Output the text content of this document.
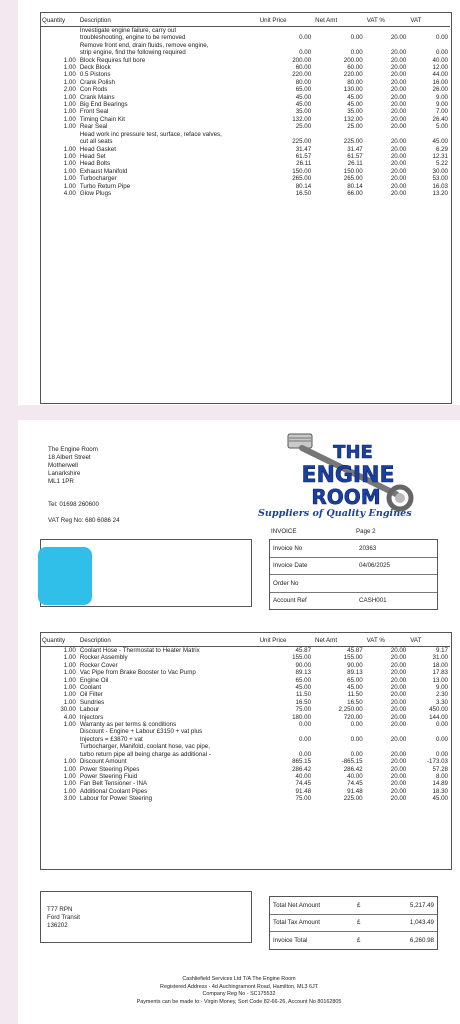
Quantity	Description	Unit Price	Net Amt	VAT %	VAT
	Investigate engine failure, carry out				
	troubleshooting, engine to be removed	0.00	0.00	20.00	0.00
	Remove front end, drain fluids, remove engine,				
	strip engine, find the following required	0.00	0.00	20.00	0.00
1.00	Block Requires full bore	200.00	200.00	20.00	40.00
1.00	Deck Block	60.00	60.00	20.00	12.00
1.00	0.5 Pistons	220.00	220.00	20.00	44.00
1.00	Crank Polish	80.00	80.00	20.00	16.00
2.00	Con Rods	65.00	130.00	20.00	26.00
1.00	Crank Mains	45.00	45.00	20.00	9.00
1.00	Big End Bearings	45.00	45.00	20.00	9.00
1.00	Front Seal	35.00	35.00	20.00	7.00
1.00	Timing Chain Kit	132.00	132.00	20.00	26.40
1.00	Rear Seal	25.00	25.00	20.00	5.00
	Head work inc pressure test, surface, reface valves,				
	cut all seats	225.00	225.00	20.00	45.00
1.00	Head Gasket	31.47	31.47	20.00	6.29
1.00	Head Set	61.57	61.57	20.00	12.31
1.00	Head Bolts	26.11	26.11	20.00	5.22
1.00	Exhaust Manifold	150.00	150.00	20.00	30.00
1.00	Turbocharger	265.00	265.00	20.00	53.00
1.00	Turbo Return Pipe	80.14	80.14	20.00	16.03
4.00	Glow Plugs	16.50	66.00	20.00	13.20
The Engine Room
18 Albert Street
Motherwell
Lanarkshire
ML1 1PR
Tel: 01698 260600
VAT Reg No: 680 6086 24
THE
ENGINE
ROOM
Suppliers of Quality Engines
INVOICE	Page 2
Invoice No	20363
Invoice Date	04/06/2025
Order No
Account Ref	CASH001
Quantity	Description	Unit Price	Net Amt	VAT %	VAT
1.00	Coolant Hose - Thermostat to Heater Matrix	45.87	45.87	20.00	9.17
1.00	Rocker Assembly	155.00	155.00	20.00	31.00
1.00	Rocker Cover	90.00	90.00	20.00	18.00
1.00	Vac Pipe from Brake Booster to Vac Pump	89.13	89.13	20.00	17.83
1.00	Engine Oil	65.00	65.00	20.00	13.00
1.00	Coolant	45.00	45.00	20.00	9.00
1.00	Oil Filter	11.50	11.50	20.00	2.30
1.00	Sundries	16.50	16.50	20.00	3.30
30.00	Labour	75.00	2,250.00	20.00	450.00
4.00	Injectors	180.00	720.00	20.00	144.00
1.00	Warranty as per terms & conditions	0.00	0.00	20.00	0.00
	Discount - Engine + Labour £3150 + vat plus				
	Injectors = £3870 + vat	0.00	0.00	20.00	0.00
	Turbocharger, Manifold, coolant hose, vac pipe,				
	turbo return pipe all being charge as additional -	0.00	0.00	20.00	0.00
1.00	Discount Amount	865.15	-865.15	20.00	-173.03
1.00	Power Steering Pipes	286.42	286.42	20.00	57.28
1.00	Power Steering Fluid	40.00	40.00	20.00	8.00
1.00	Fan Belt Tensioner - INA	74.45	74.45	20.00	14.89
1.00	Additional Coolant Pipes	91.48	91.48	20.00	18.30
3.00	Labour for Power Steering	75.00	225.00	20.00	45.00
T77 RPN
Ford Transit
136202
Total Net Amount	£	5,217.49
Total Tax Amount	£	1,043.49
Invoice Total	£	6,260.98
Cashliefield Services Ltd T/A The Engine Room
Registered Address - 4d Auchingramont Road, Hamilton, ML3 6JT
Company Reg No - SC175532
Payments can be made to:- Virgin Money, Sort Code 82-66-26, Account No 80162805
